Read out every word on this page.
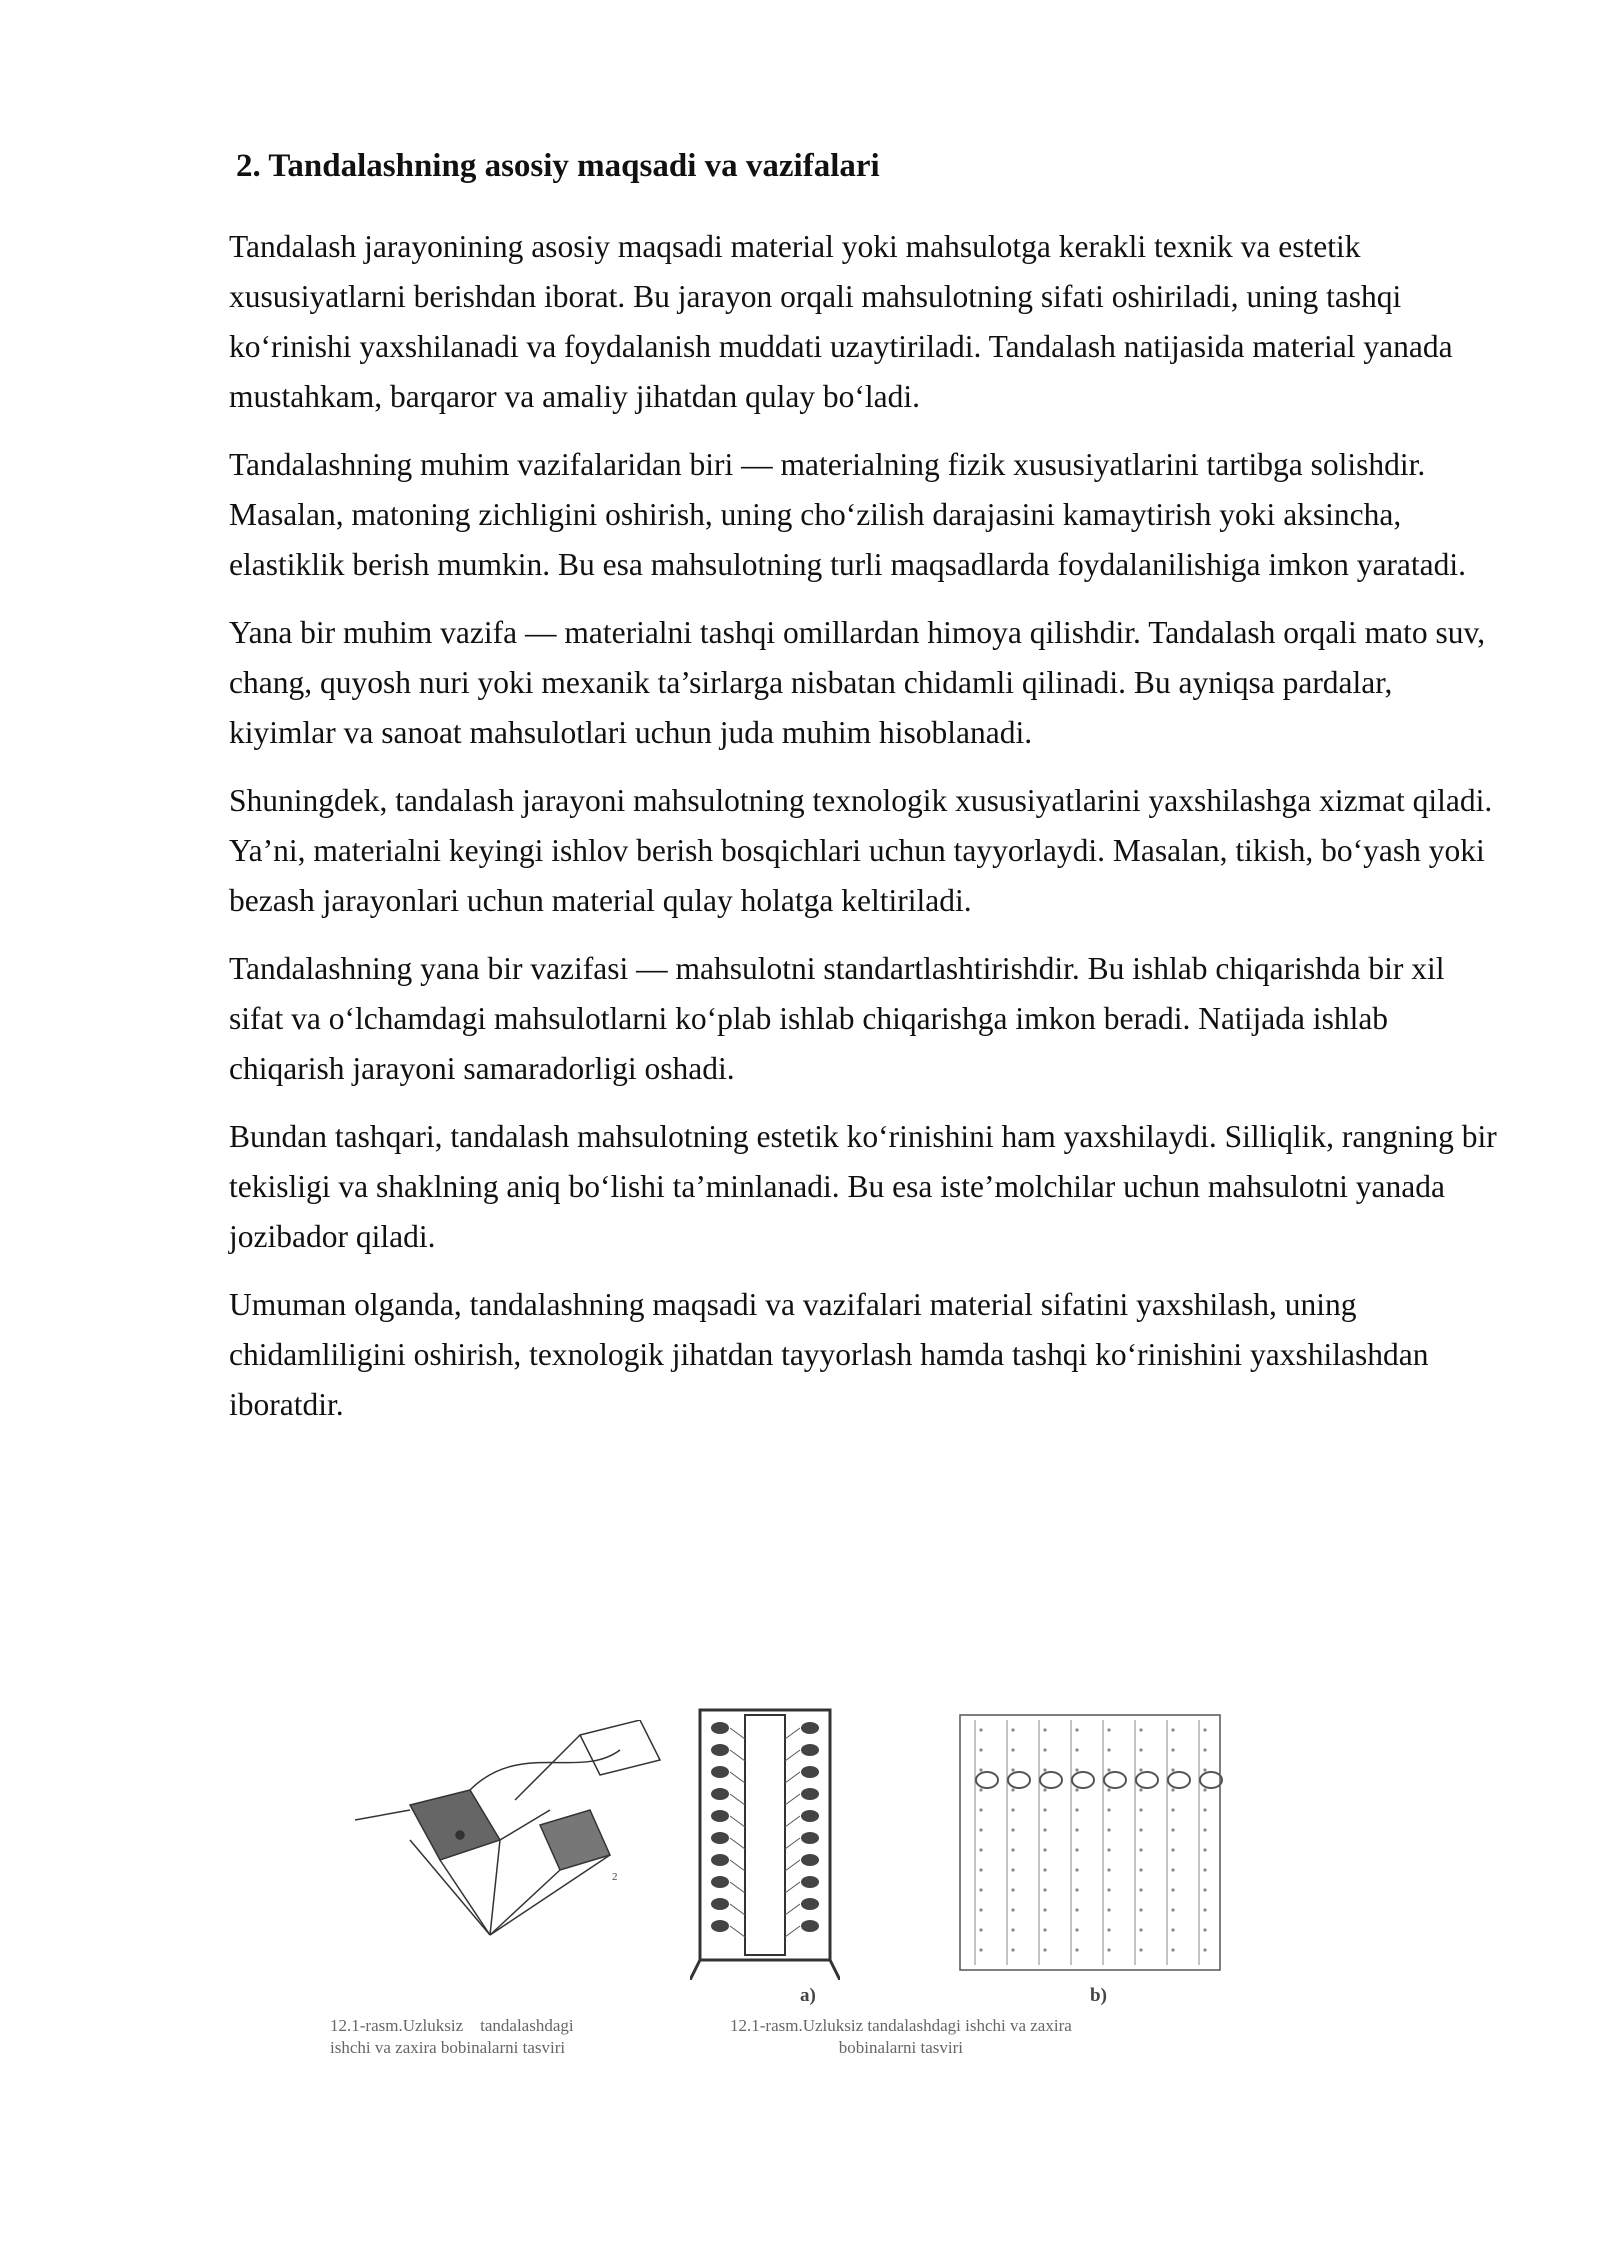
2. Tandalashning asosiy maqsadi va vazifalari

Tandalash jarayonining asosiy maqsadi material yoki mahsulotga kerakli texnik va estetik xususiyatlarni berishdan iborat. Bu jarayon orqali mahsulotning sifati oshiriladi, uning tashqi ko‘rinishi yaxshilanadi va foydalanish muddati uzaytiriladi. Tandalash natijasida material yanada mustahkam, barqaror va amaliy jihatdan qulay bo‘ladi.

Tandalashning muhim vazifalaridan biri — materialning fizik xususiyatlarini tartibga solishdir. Masalan, matoning zichligini oshirish, uning cho‘zilish darajasini kamaytirish yoki aksincha, elastiklik berish mumkin. Bu esa mahsulotning turli maqsadlarda foydalanilishiga imkon yaratadi.

Yana bir muhim vazifa — materialni tashqi omillardan himoya qilishdir. Tandalash orqali mato suv, chang, quyosh nuri yoki mexanik ta’sirlarga nisbatan chidamli qilinadi. Bu ayniqsa pardalar, kiyimlar va sanoat mahsulotlari uchun juda muhim hisoblanadi.

Shuningdek, tandalash jarayoni mahsulotning texnologik xususiyatlarini yaxshilashga xizmat qiladi. Ya’ni, materialni keyingi ishlov berish bosqichlari uchun tayyorlaydi. Masalan, tikish, bo‘yash yoki bezash jarayonlari uchun material qulay holatga keltiriladi.

Tandalashning yana bir vazifasi — mahsulotni standartlashtirishdir. Bu ishlab chiqarishda bir xil sifat va o‘lchamdagi mahsulotlarni ko‘plab ishlab chiqarishga imkon beradi. Natijada ishlab chiqarish jarayoni samaradorligi oshadi.

Bundan tashqari, tandalash mahsulotning estetik ko‘rinishini ham yaxshilaydi. Silliqlik, rangning bir tekisligi va shaklning aniq bo‘lishi ta’minlanadi. Bu esa iste’molchilar uchun mahsulotni yanada jozibador qiladi.

Umuman olganda, tandalashning maqsadi va vazifalari material sifatini yaxshilash, uning chidamliligini oshirish, texnologik jihatdan tayyorlash hamda tashqi ko‘rinishini yaxshilashdan iboratdir.

2
a)	b)
12.1-rasm.Uzluksiz    tandalashdagi
ishchi va zaxira bobinalarni tasviri
12.1-rasm.Uzluksiz tandalashdagi ishchi va zaxira
bobinalarni tasviri
